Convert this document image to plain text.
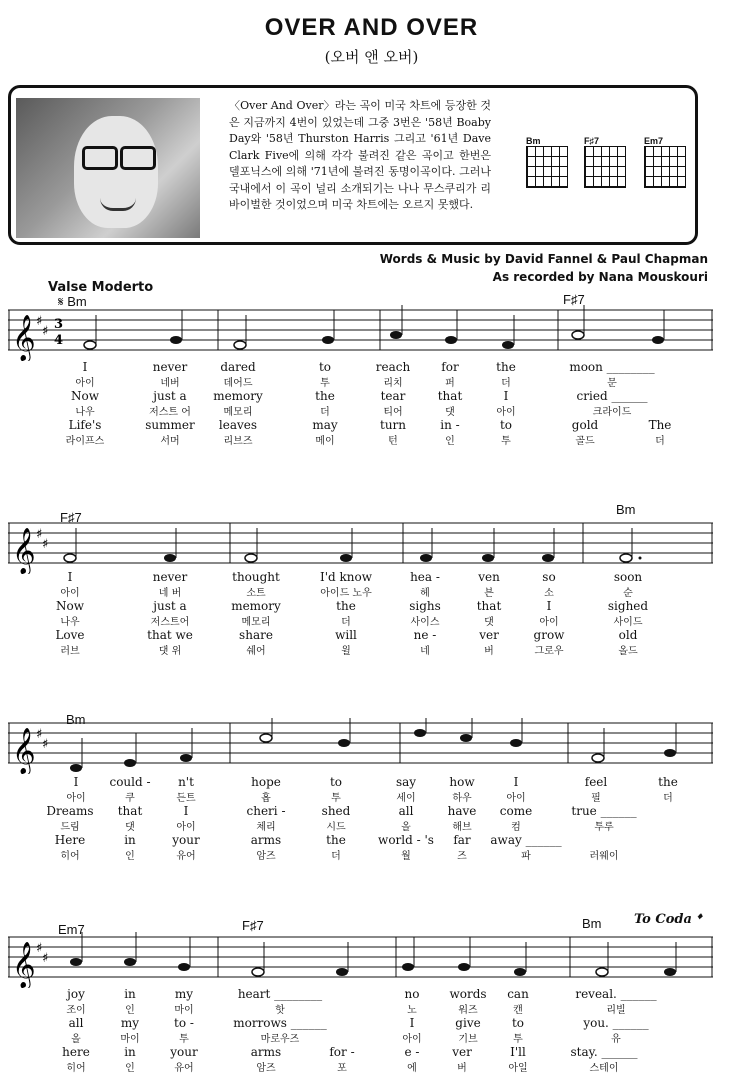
OVER AND OVER
(오버 앤 오버)
〈Over And Over〉라는 곡이 미국 차트에 등장한 것은 지금까지 4번이 있었는데 그중 3번은 '58년 Boaby Day와 '58년 Thurston Harris 그리고 '61년 Dave Clark Five에 의해 각각 불려진 같은 곡이고 한번은 델포닉스에 의해 '71년에 불려진 동명이곡이다. 그러나 국내에서 이 곡이 널리 소개되기는 나나 무스쿠리가 리바이벌한 것이었으며 미국 차트에는 오르지 못했다.
Bm	F♯7	Em7
Words & Music by David Fannel & Paul Chapman
As recorded by Nana Mouskouri
Valse Moderto
𝄞 ♯
♯ 3
4
𝄞 ♯
♯
𝄞 ♯
♯
𝄞 ♯
♯
𝄋 Bm	F♯7
F♯7
Bm
Bm
Em7	F♯7	Bm	To Coda 𝄌
I	never	dared	to	reach	for	the	moon ________
아이	네버	데어드	투	리치	퍼	더	문
Now	just a memory	the	tear	that	I	cried ______
나우	저스트 어	메모리	더	티어	댓	아이	크라이드
Life's	summer leaves	may	turn	in -	to	gold	The
라이프스	서머	리브즈	메이	턴	인	투	골드	더
I	never	thought	I'd know	hea -	ven	so	soon
아이	네 버	소트	아이드 노우	헤	븐	소	순
Now	just a	memory	the	sighs	that	I	sighed
나우	저스트어	메모리	더	사이스	댓	아이	사이드
Love	that we	share	will	ne -	ver	grow	old
러브	댓 위	쉐어	윌	네	버	그로우	올드
I	could - n't	hope	to	say	how	I	feel	the
아이	쿠	든트	홉	투	세이	하우	아이	필	더
Dreams that	I	cheri -	shed	all	have come	true ______
드림	댓	아이	체리	시드	올	해브	컴	투루
Here	in	your	arms	the	world - 's far away ______
히어	인	유어	암즈	더	월	즈	파	러웨이
joy	in	my	heart ________	no words can	reveal. ______
조이	인	마이	핫	노	워즈	캔	리빌
all	my	to -	morrows ______	I	give	to	you. ______
올	마이	투	마로우즈	아이	기브	투	유
here	in	your	arms	for -	e -	ver	I'll	stay. ______
히어	인	유어	암즈	포	에	버	아일	스테이
